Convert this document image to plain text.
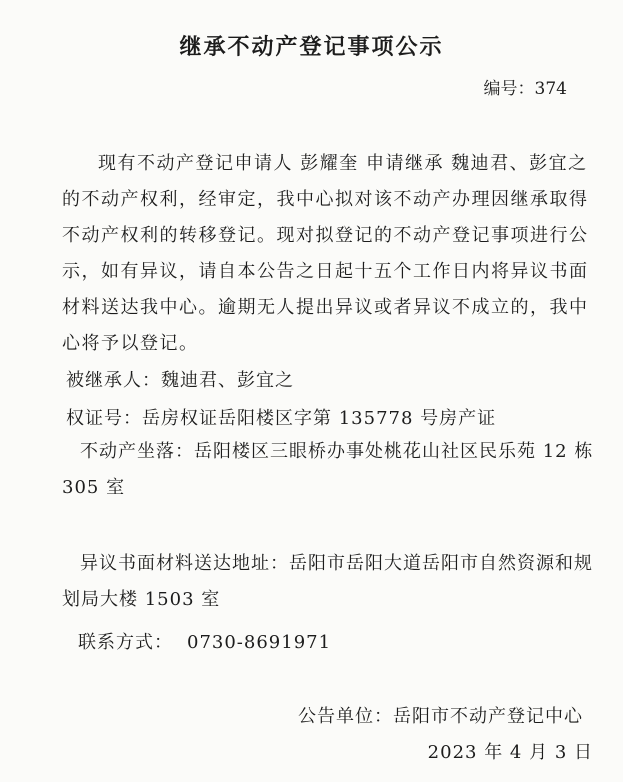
继承不动产登记事项公示
编号：374

现有不动产登记申请人 彭耀奎 申请继承 魏迪君、彭宜之 的不动产权利，经审定，我中心拟对该不动产办理因继承取得不动产权利的转移登记。现对拟登记的不动产登记事项进行公示，如有异议，请自本公告之日起十五个工作日内将异议书面材料送达我中心。逾期无人提出异议或者异议不成立的，我中心将予以登记。

被继承人：魏迪君、彭宜之
权证号：岳房权证岳阳楼区字第 135778 号房产证

不动产坐落：岳阳楼区三眼桥办事处桃花山社区民乐苑 12 栋 305 室

异议书面材料送达地址：岳阳市岳阳大道岳阳市自然资源和规划局大楼 1503 室

联系方式： 0730-8691971
公告单位：岳阳市不动产登记中心
2023 年 4 月 3 日
